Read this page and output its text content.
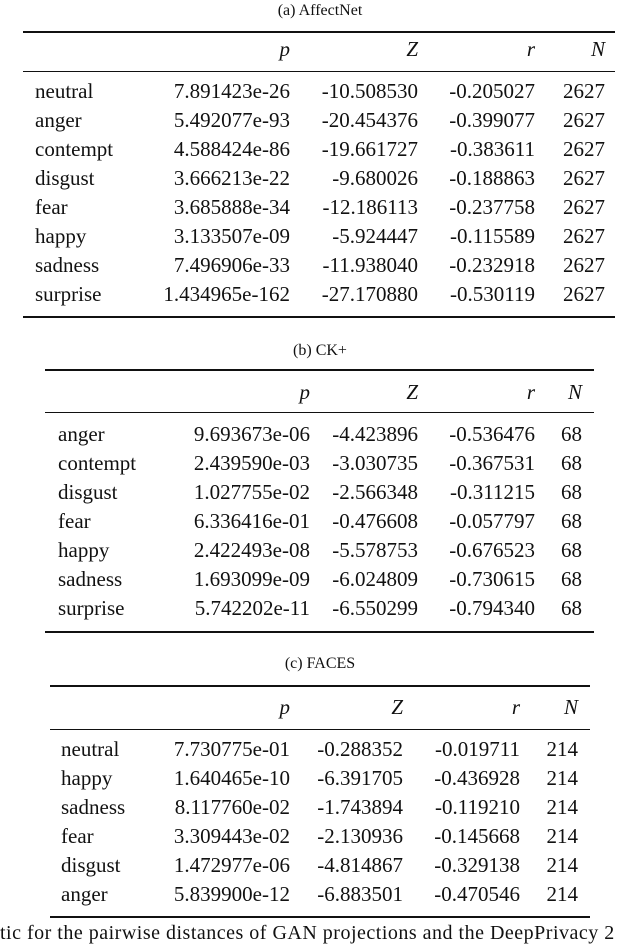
(a) AffectNet
p	Z	r	N
neutral	7.891423e-26 -10.508530 -0.205027 2627
anger	5.492077e-93 -20.454376 -0.399077 2627
contempt	4.588424e-86 -19.661727 -0.383611 2627
disgust	3.666213e-22 -9.680026 -0.188863 2627
fear	3.685888e-34 -12.186113 -0.237758 2627
happy	3.133507e-09 -5.924447 -0.115589 2627
sadness	7.496906e-33 -11.938040 -0.232918 2627
surprise	1.434965e-162 -27.170880 -0.530119 2627
(b) CK+
p	Z	r N
anger	9.693673e-06 -4.423896 -0.536476 68
contempt	2.439590e-03 -3.030735 -0.367531 68
disgust	1.027755e-02 -2.566348 -0.311215 68
fear	6.336416e-01 -0.476608 -0.057797 68
happy	2.422493e-08 -5.578753 -0.676523 68
sadness	1.693099e-09 -6.024809 -0.730615 68
surprise	5.742202e-11 -6.550299 -0.794340 68
(c) FACES
p	Z	r N
neutral	7.730775e-01 -0.288352 -0.019711 214
happy	1.640465e-10 -6.391705 -0.436928 214
sadness 8.117760e-02 -1.743894 -0.119210 214
fear	3.309443e-02 -2.130936 -0.145668 214
disgust	1.472977e-06 -4.814867 -0.329138 214
anger	5.839900e-12 -6.883501 -0.470546 214
tic for the pairwise distances of GAN projections and the DeepPrivacy 2
